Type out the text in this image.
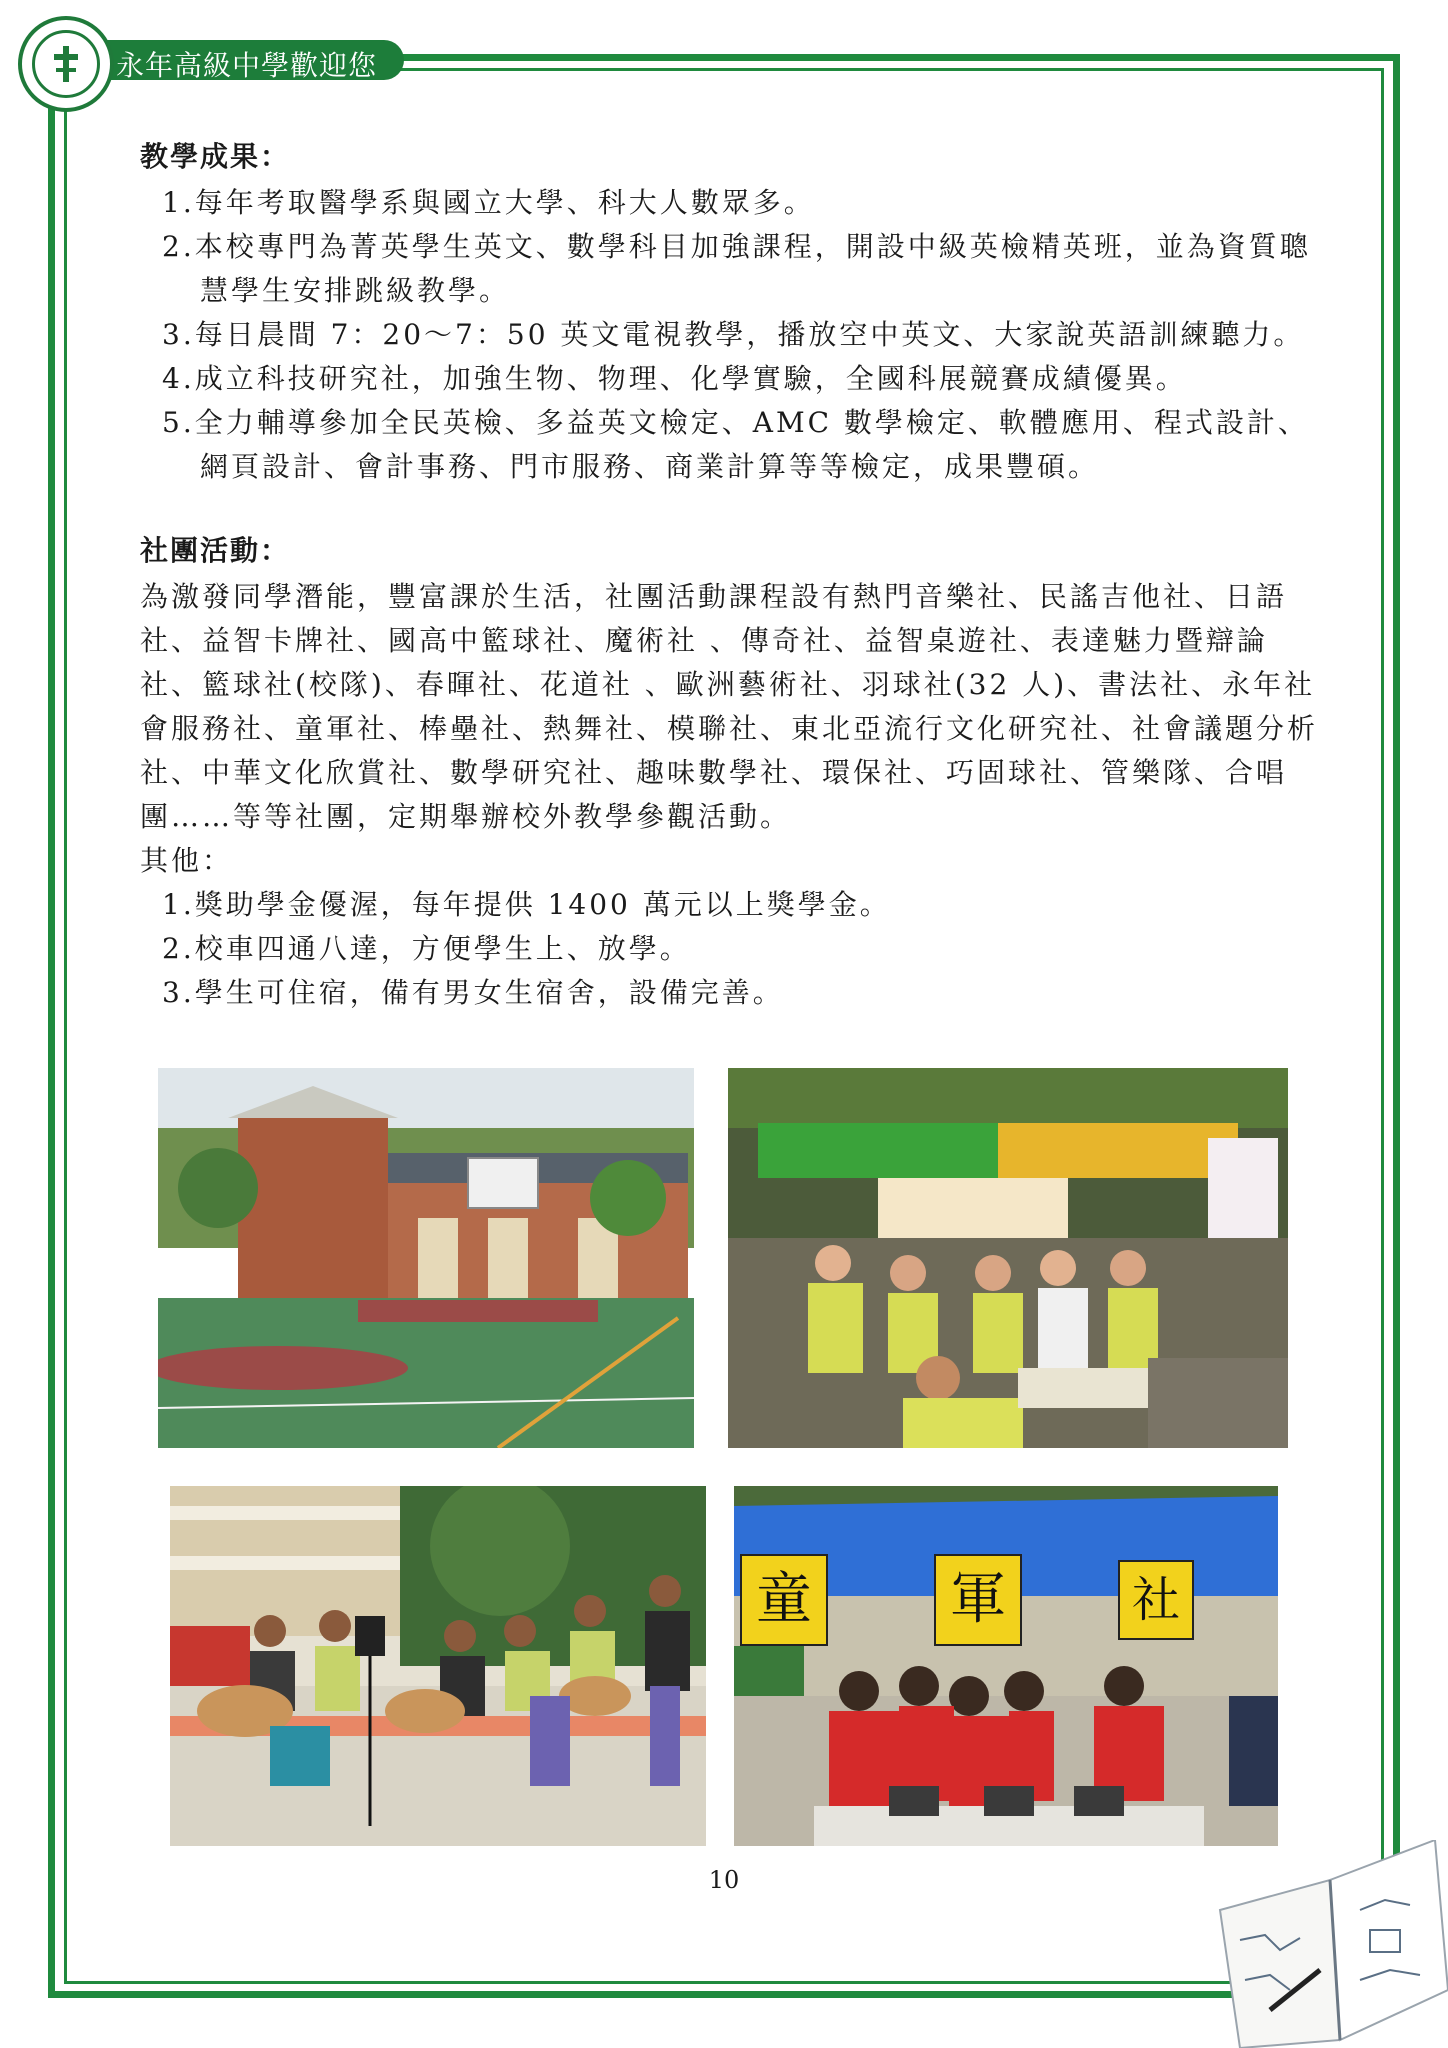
永年高級中學歡迎您
教學成果：
1.每年考取醫學系與國立大學、科大人數眾多。
2.本校專門為菁英學生英文、數學科目加強課程，開設中級英檢精英班，並為資質聰慧學生安排跳級教學。
3.每日晨間 7：20～7：50 英文電視教學，播放空中英文、大家說英語訓練聽力。
4.成立科技研究社，加強生物、物理、化學實驗，全國科展競賽成績優異。
5.全力輔導參加全民英檢、多益英文檢定、AMC 數學檢定、軟體應用、程式設計、網頁設計、會計事務、門市服務、商業計算等等檢定，成果豐碩。
社團活動：

為激發同學潛能，豐富課於生活，社團活動課程設有熱門音樂社、民謠吉他社、日語社、益智卡牌社、國高中籃球社、魔術社 、傳奇社、益智桌遊社、表達魅力暨辯論社、籃球社(校隊)、春暉社、花道社 、歐洲藝術社、羽球社(32 人)、書法社、永年社會服務社、童軍社、棒壘社、熱舞社、模聯社、東北亞流行文化研究社、社會議題分析社、中華文化欣賞社、數學研究社、趣味數學社、環保社、巧固球社、管樂隊、合唱團……等等社團，定期舉辦校外教學參觀活動。

其他：

1.獎助學金優渥，每年提供 1400 萬元以上獎學金。
2.校車四通八達，方便學生上、放學。
3.學生可住宿，備有男女生宿舍，設備完善。
童 軍	社
10
